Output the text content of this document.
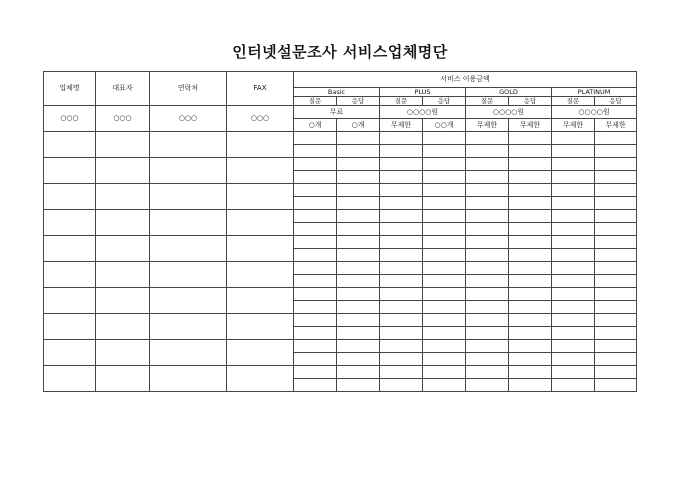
인터넷설문조사 서비스업체명단
업체명	대표자	연락처	FAX	서비스 이용금액							
				Basic		PLUS		GOLD		PLATINUM	
				질문	응답	질문	응답	질문	응답	질문	응답
○○○	○○○	○○○	○○○	무료		○○○○원		○○○○원		○○○○원	
				○개	○개	무제한	○○개	무제한	무제한	무제한	무제한
